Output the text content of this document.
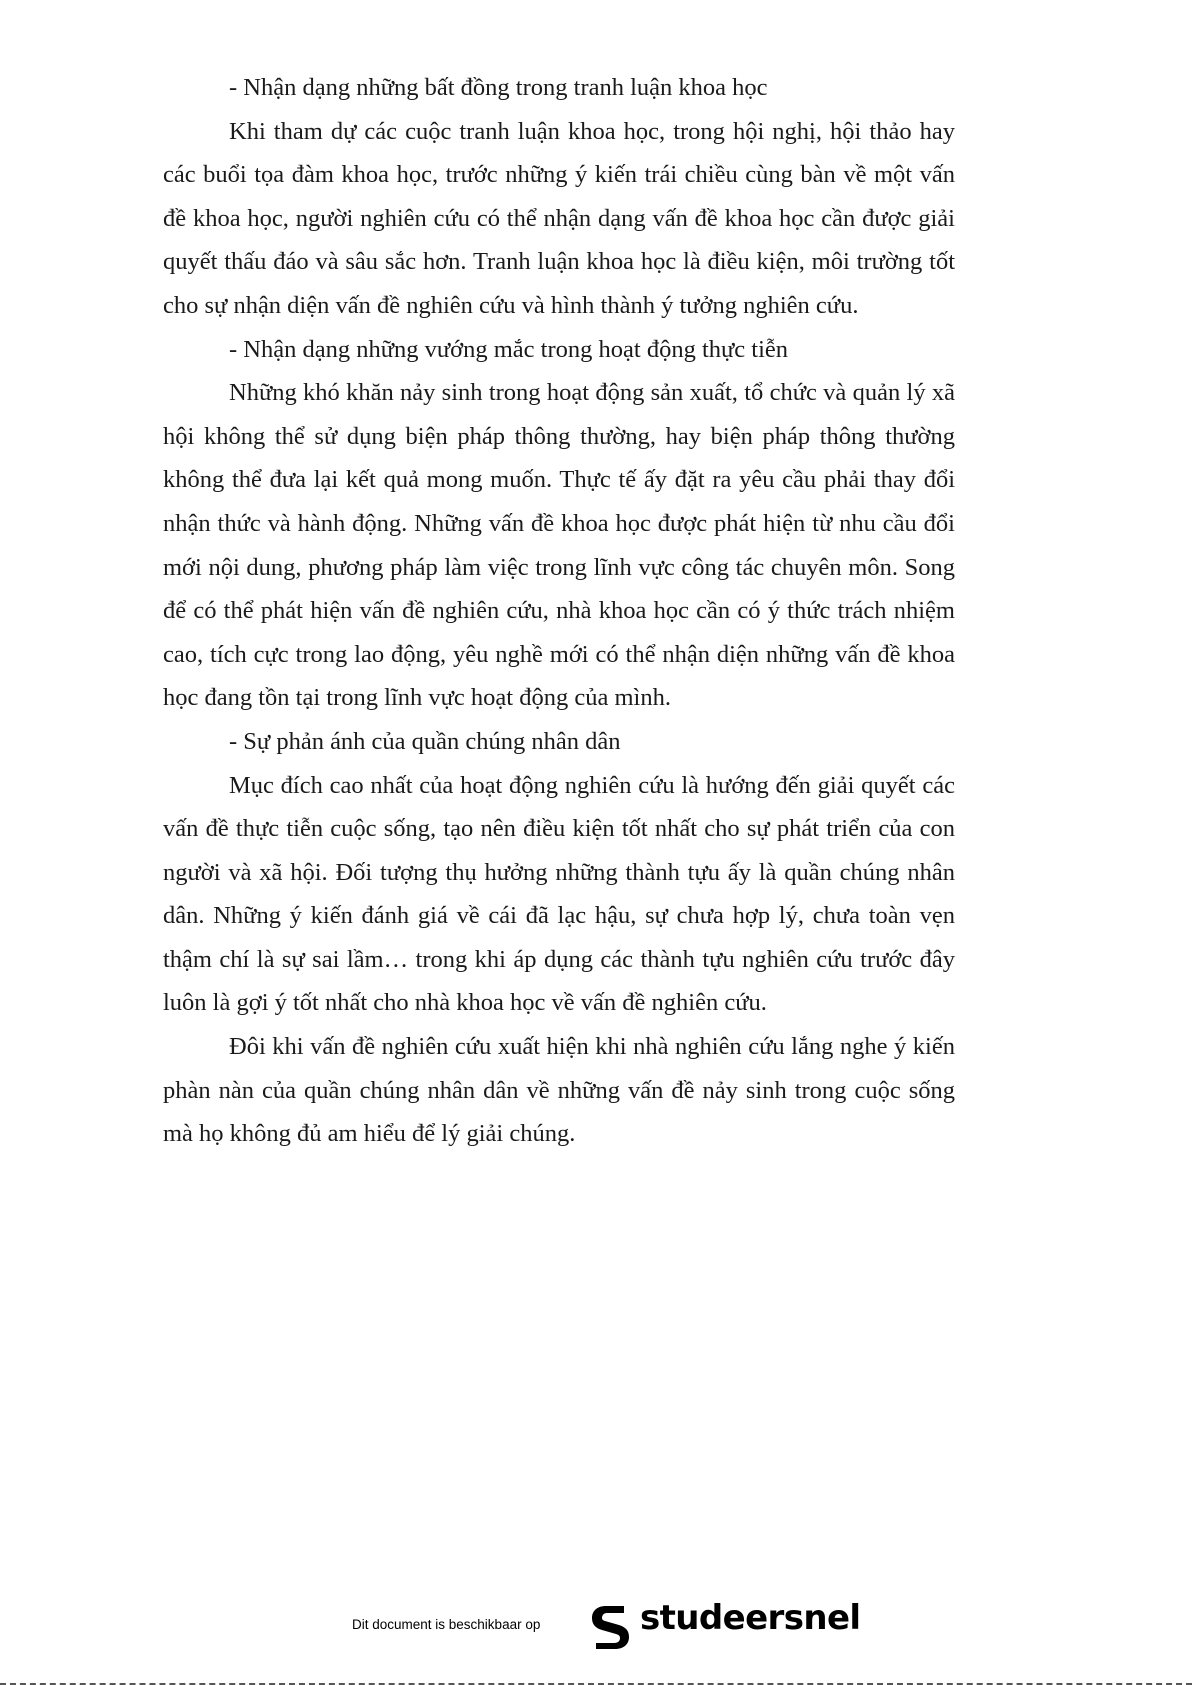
- Nhận dạng những bất đồng trong tranh luận khoa học

Khi tham dự các cuộc tranh luận khoa học, trong hội nghị, hội thảo hay các buổi tọa đàm khoa học, trước những ý kiến trái chiều cùng bàn về một vấn đề khoa học, người nghiên cứu có thể nhận dạng vấn đề khoa học cần được giải quyết thấu đáo và sâu sắc hơn. Tranh luận khoa học là điều kiện, môi trường tốt cho sự nhận diện vấn đề nghiên cứu và hình thành ý tưởng nghiên cứu.

- Nhận dạng những vướng mắc trong hoạt động thực tiễn

Những khó khăn nảy sinh trong hoạt động sản xuất, tổ chức và quản lý xã hội không thể sử dụng biện pháp thông thường, hay biện pháp thông thường không thể đưa lại kết quả mong muốn. Thực tế ấy đặt ra yêu cầu phải thay đổi nhận thức và hành động. Những vấn đề khoa học được phát hiện từ nhu cầu đổi mới nội dung, phương pháp làm việc trong lĩnh vực công tác chuyên môn. Song để có thể phát hiện vấn đề nghiên cứu, nhà khoa học cần có ý thức trách nhiệm cao, tích cực trong lao động, yêu nghề mới có thể nhận diện những vấn đề khoa học đang tồn tại trong lĩnh vực hoạt động của mình.

- Sự phản ánh của quần chúng nhân dân

Mục đích cao nhất của hoạt động nghiên cứu là hướng đến giải quyết các vấn đề thực tiễn cuộc sống, tạo nên điều kiện tốt nhất cho sự phát triển của con người và xã hội. Đối tượng thụ hưởng những thành tựu ấy là quần chúng nhân dân. Những ý kiến đánh giá về cái đã lạc hậu, sự chưa hợp lý, chưa toàn vẹn thậm chí là sự sai lầm… trong khi áp dụng các thành tựu nghiên cứu trước đây luôn là gợi ý tốt nhất cho nhà khoa học về vấn đề nghiên cứu.

Đôi khi vấn đề nghiên cứu xuất hiện khi nhà nghiên cứu lắng nghe ý kiến phàn nàn của quần chúng nhân dân về những vấn đề nảy sinh trong cuộc sống mà họ không đủ am hiểu để lý giải chúng.

Dit document is beschikbaar op	studeersnel
